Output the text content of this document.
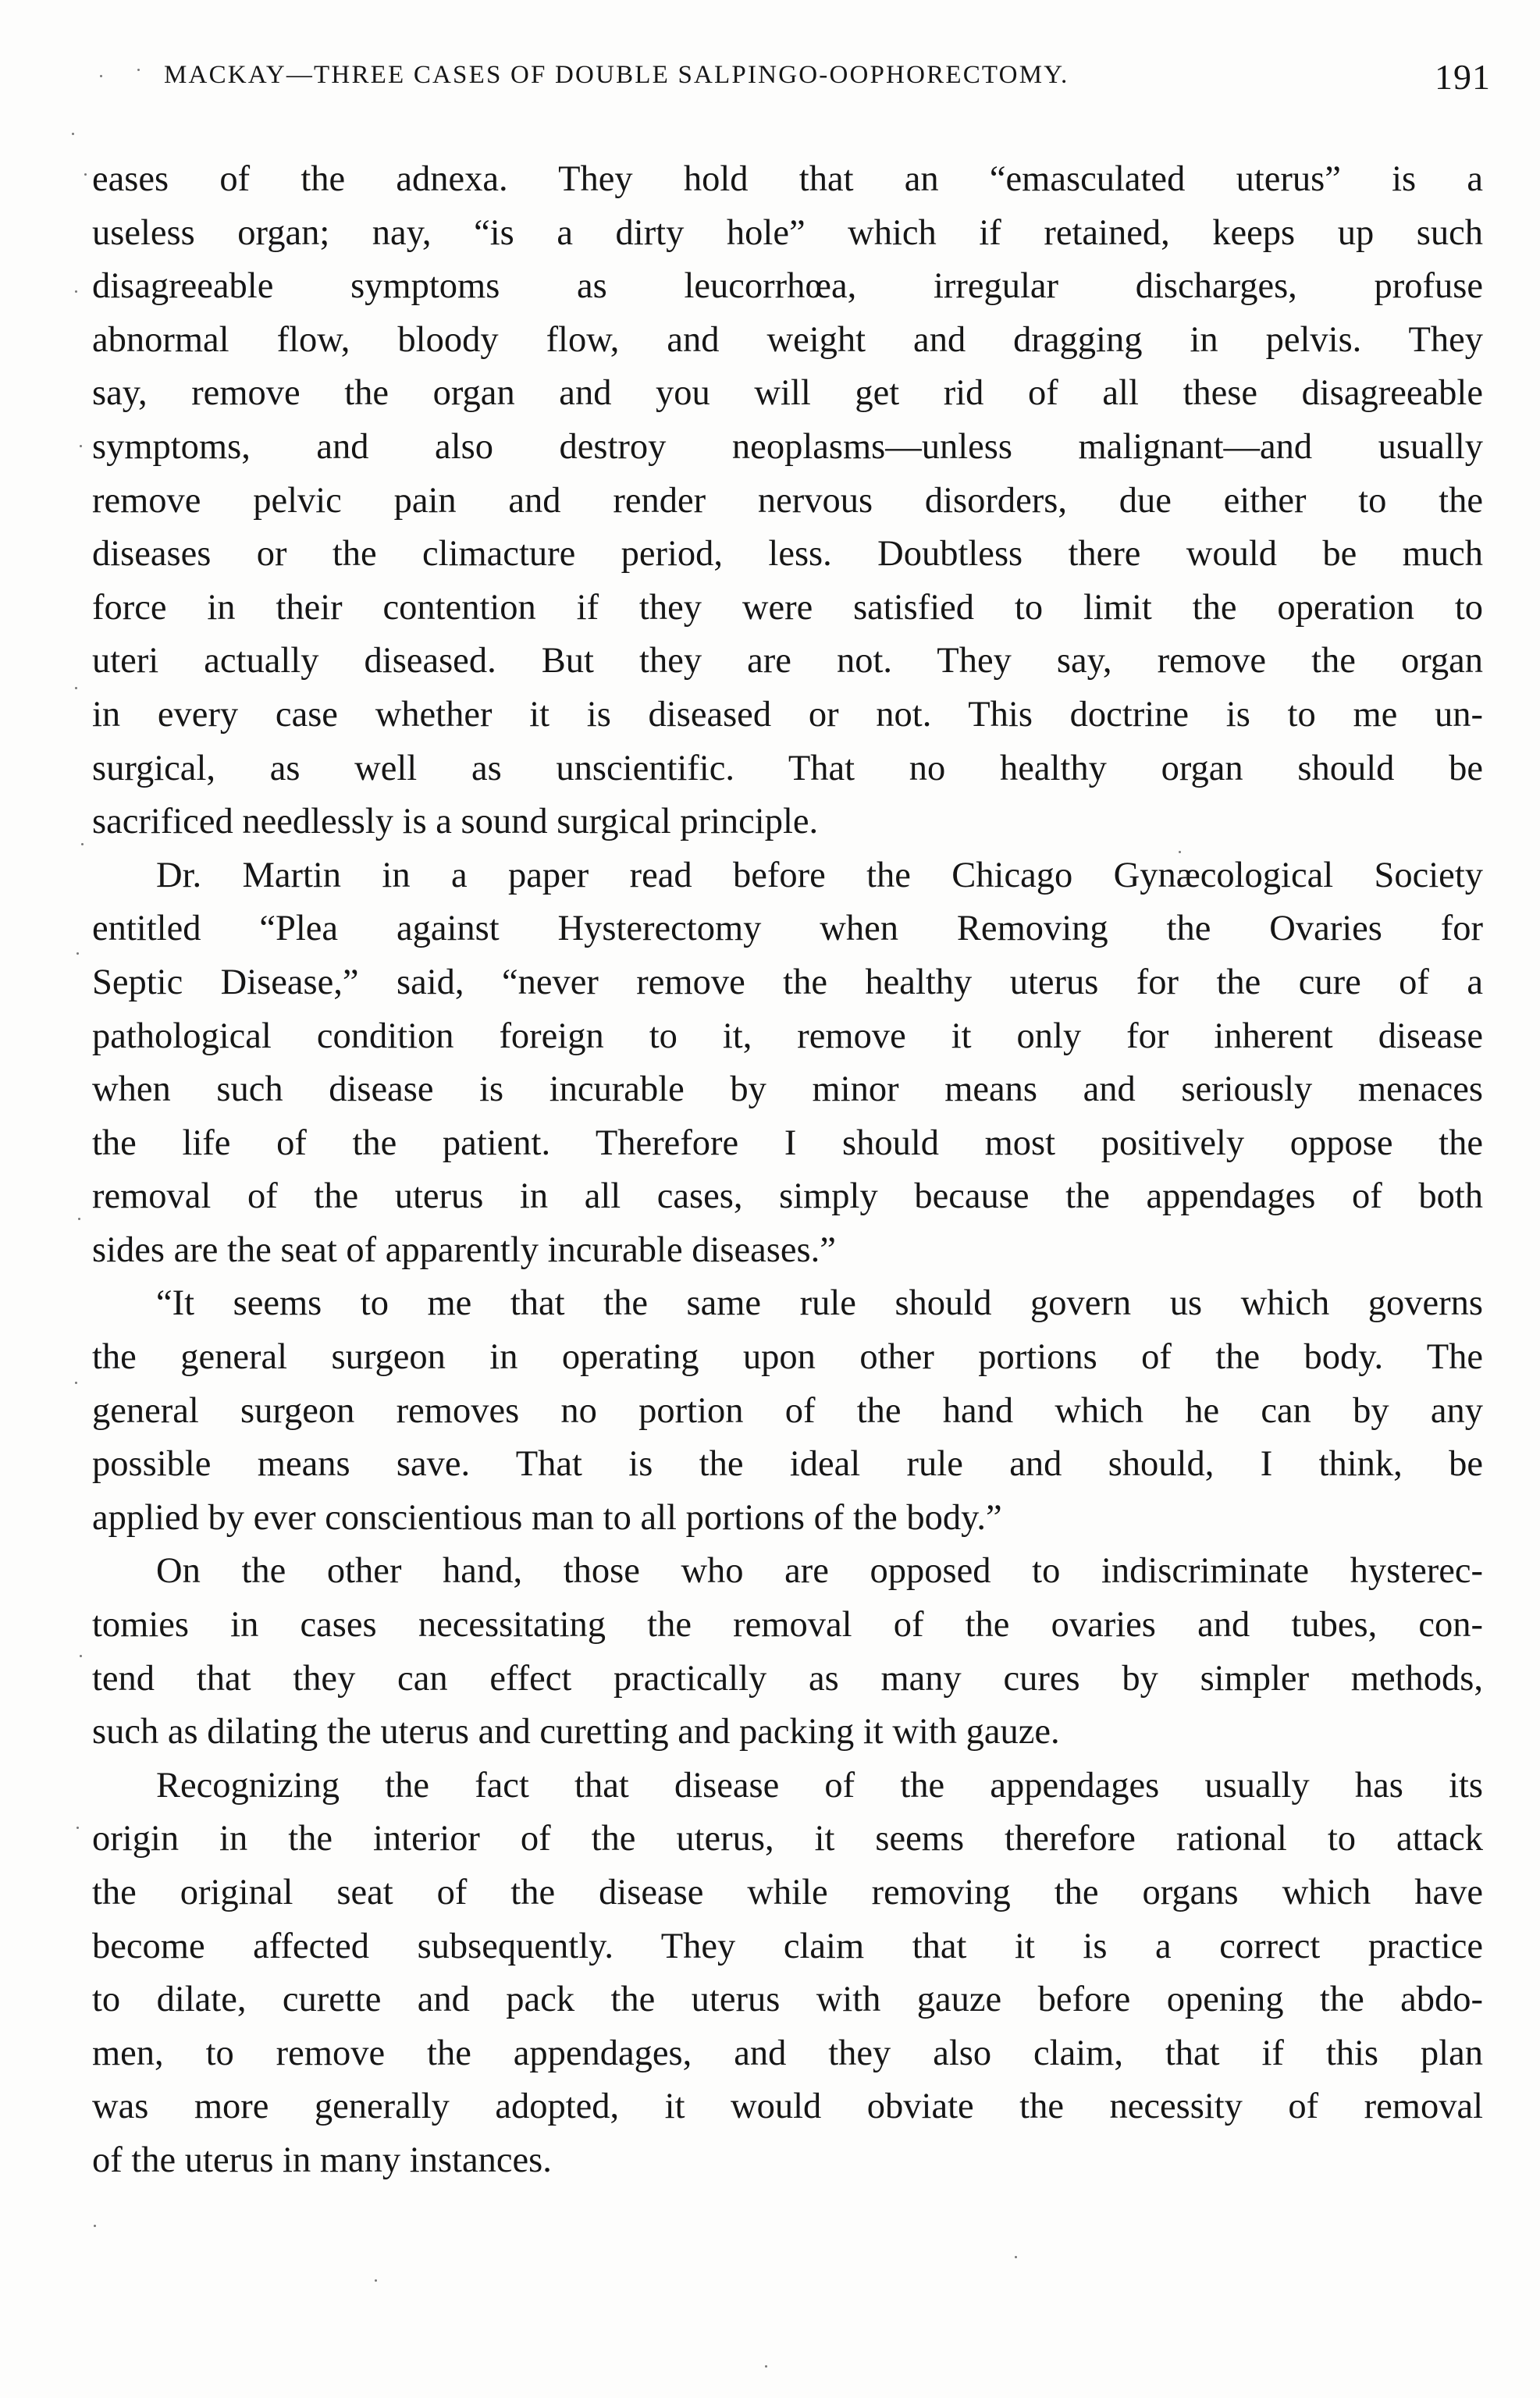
MACKAY—THREE CASES OF DOUBLE SALPINGO-OOPHORECTOMY.	191
eases of the adnexa. They hold that an “emasculated uterus” is a
useless organ; nay, “is a dirty hole” which if retained, keeps up such
disagreeable symptoms as leucorrhœa, irregular discharges, profuse
abnormal flow, bloody flow, and weight and dragging in pelvis. They
say, remove the organ and you will get rid of all these disagreeable
symptoms, and also destroy neoplasms—unless malignant—and usually
remove pelvic pain and render nervous disorders, due either to the
diseases or the climacture period, less. Doubtless there would be much
force in their contention if they were satisfied to limit the operation to
uteri actually diseased. But they are not. They say, remove the organ
in every case whether it is diseased or not. This doctrine is to me un-
surgical, as well as unscientific. That no healthy organ should be
sacrificed needlessly is a sound surgical principle.
Dr. Martin in a paper read before the Chicago Gynæcological Society
entitled “Plea against Hysterectomy when Removing the Ovaries for
Septic Disease,” said, “never remove the healthy uterus for the cure of a
pathological condition foreign to it, remove it only for inherent disease
when such disease is incurable by minor means and seriously menaces
the life of the patient. Therefore I should most positively oppose the
removal of the uterus in all cases, simply because the appendages of both
sides are the seat of apparently incurable diseases.”
“It seems to me that the same rule should govern us which governs
the general surgeon in operating upon other portions of the body. The
general surgeon removes no portion of the hand which he can by any
possible means save. That is the ideal rule and should, I think, be
applied by ever conscientious man to all portions of the body.”
On the other hand, those who are opposed to indiscriminate hysterec-
tomies in cases necessitating the removal of the ovaries and tubes, con-
tend that they can effect practically as many cures by simpler methods,
such as dilating the uterus and curetting and packing it with gauze.
Recognizing the fact that disease of the appendages usually has its
origin in the interior of the uterus, it seems therefore rational to attack
the original seat of the disease while removing the organs which have
become affected subsequently. They claim that it is a correct practice
to dilate, curette and pack the uterus with gauze before opening the abdo-
men, to remove the appendages, and they also claim, that if this plan
was more generally adopted, it would obviate the necessity of removal
of the uterus in many instances.
